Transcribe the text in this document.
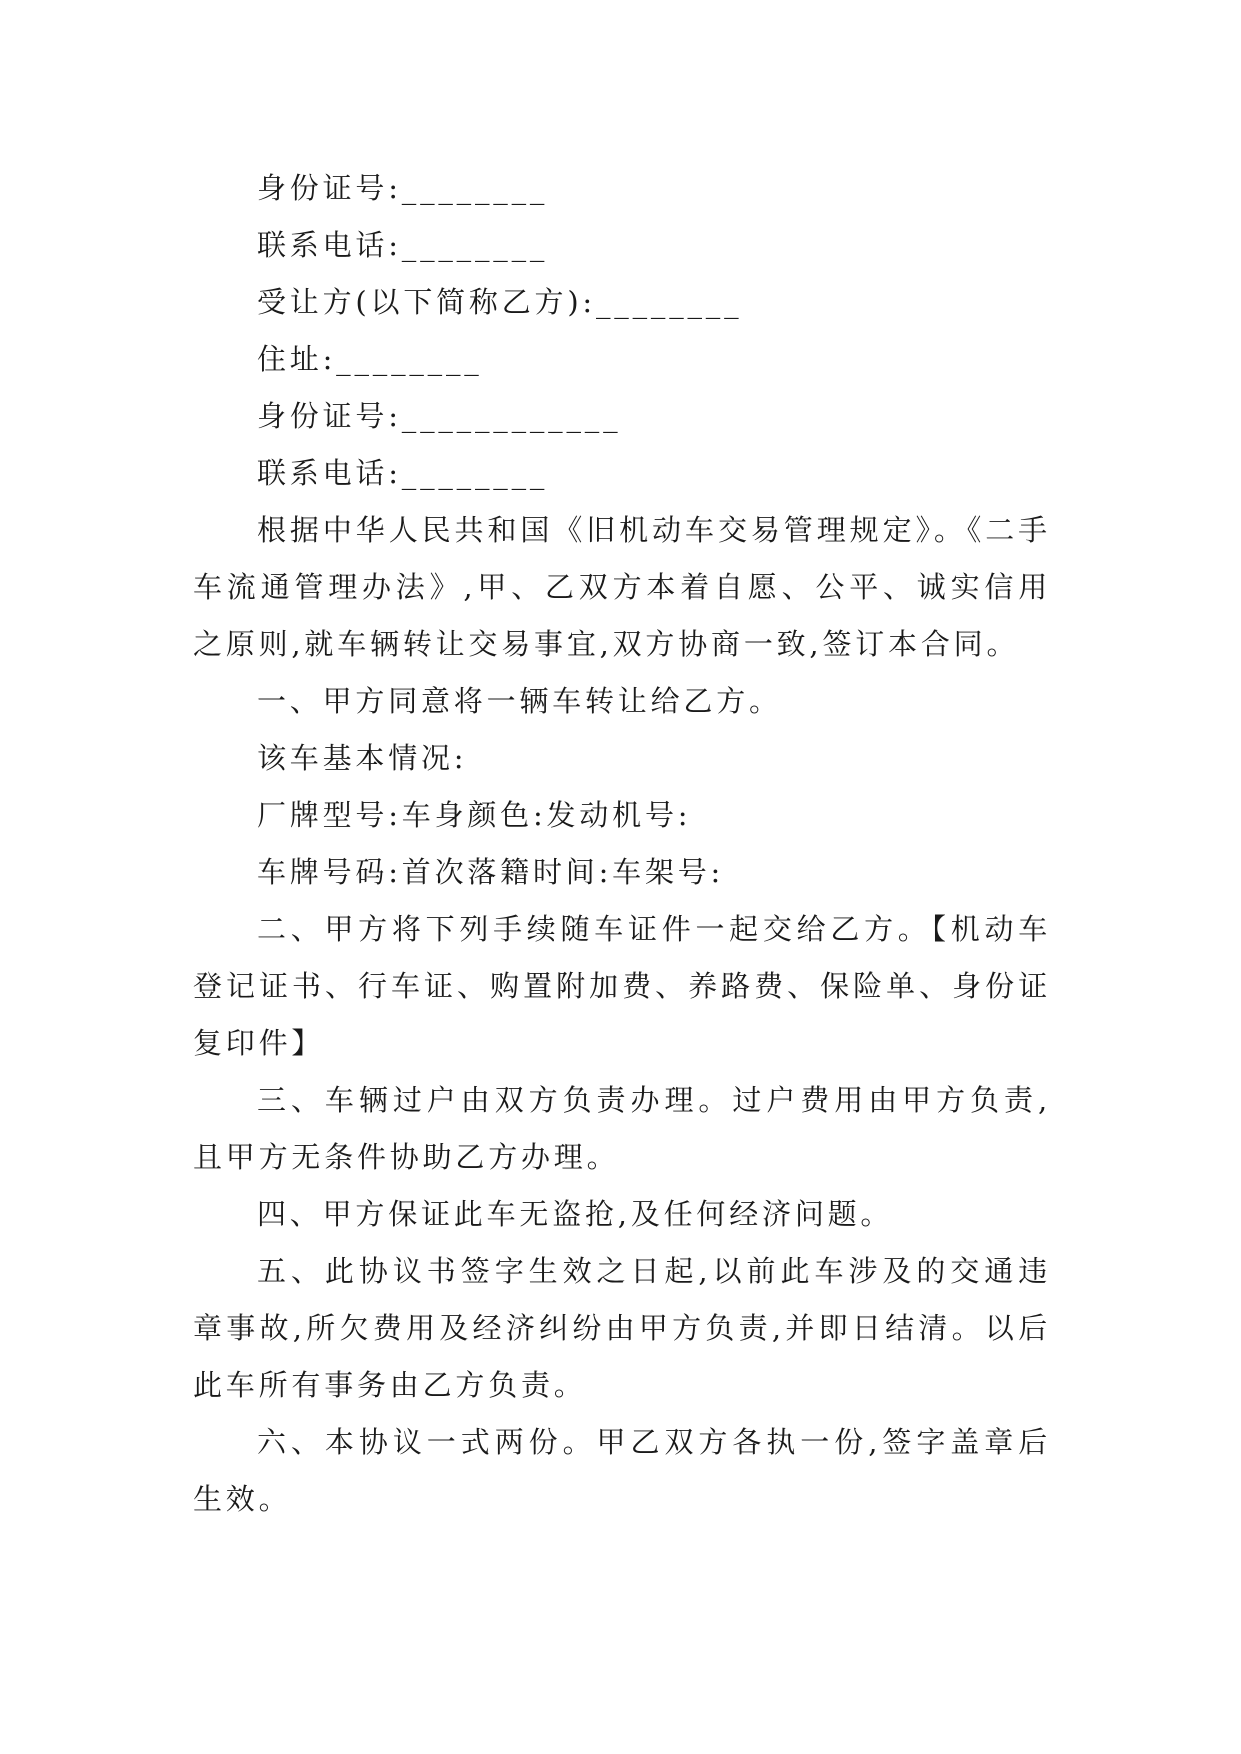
身份证号:________

联系电话:________

受让方(以下简称乙方):________

住址:________

身份证号:____________

联系电话:________

根据中华人民共和国《旧机动车交易管理规定》。《二手车流通管理办法》,甲、乙双方本着自愿、公平、诚实信用之原则,就车辆转让交易事宜,双方协商一致,签订本合同。

一、甲方同意将一辆车转让给乙方。

该车基本情况:

厂牌型号:车身颜色:发动机号:

车牌号码:首次落籍时间:车架号:

二、甲方将下列手续随车证件一起交给乙方。【机动车登记证书、行车证、购置附加费、养路费、保险单、身份证复印件】

三、车辆过户由双方负责办理。过户费用由甲方负责,且甲方无条件协助乙方办理。

四、甲方保证此车无盗抢,及任何经济问题。

五、此协议书签字生效之日起,以前此车涉及的交通违章事故,所欠费用及经济纠纷由甲方负责,并即日结清。以后此车所有事务由乙方负责。

六、本协议一式两份。甲乙双方各执一份,签字盖章后生效。
